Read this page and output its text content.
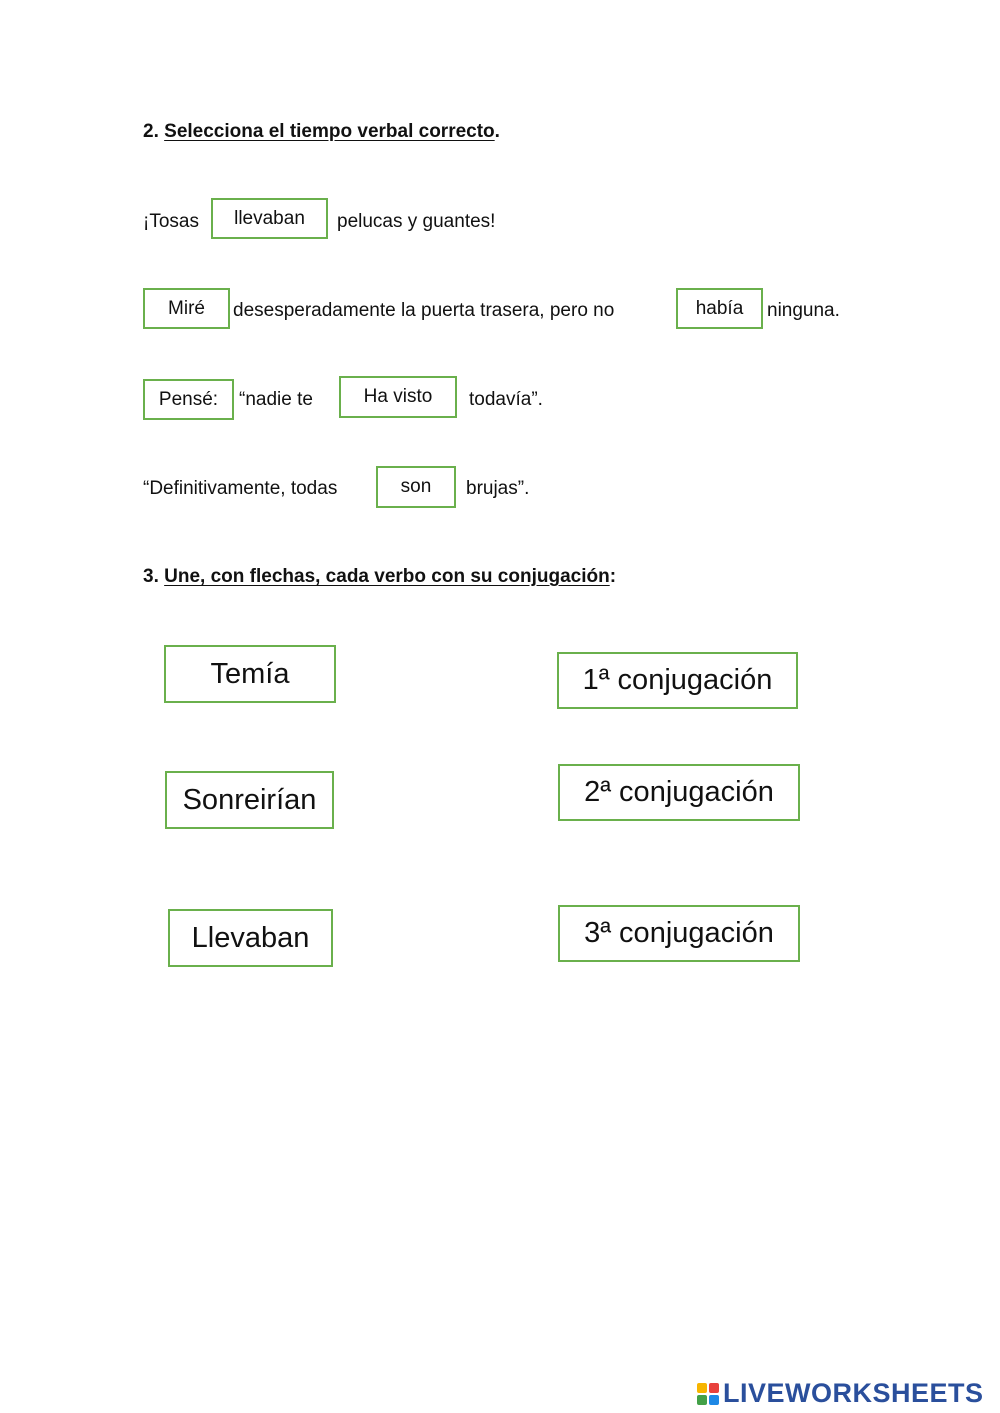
2. Selecciona el tiempo verbal correcto.
¡Tosas	llevaban	pelucas y guantes!
Miré	desesperadamente la puerta trasera, pero no	había	ninguna.
Pensé:	“nadie te	Ha visto	todavía”.
“Definitivamente, todas	son	brujas”.
3. Une, con flechas, cada verbo con su conjugación:
Temía
Sonreirían
Llevaban
1ª conjugación
2ª conjugación
3ª conjugación
LIVEWORKSHEETS
